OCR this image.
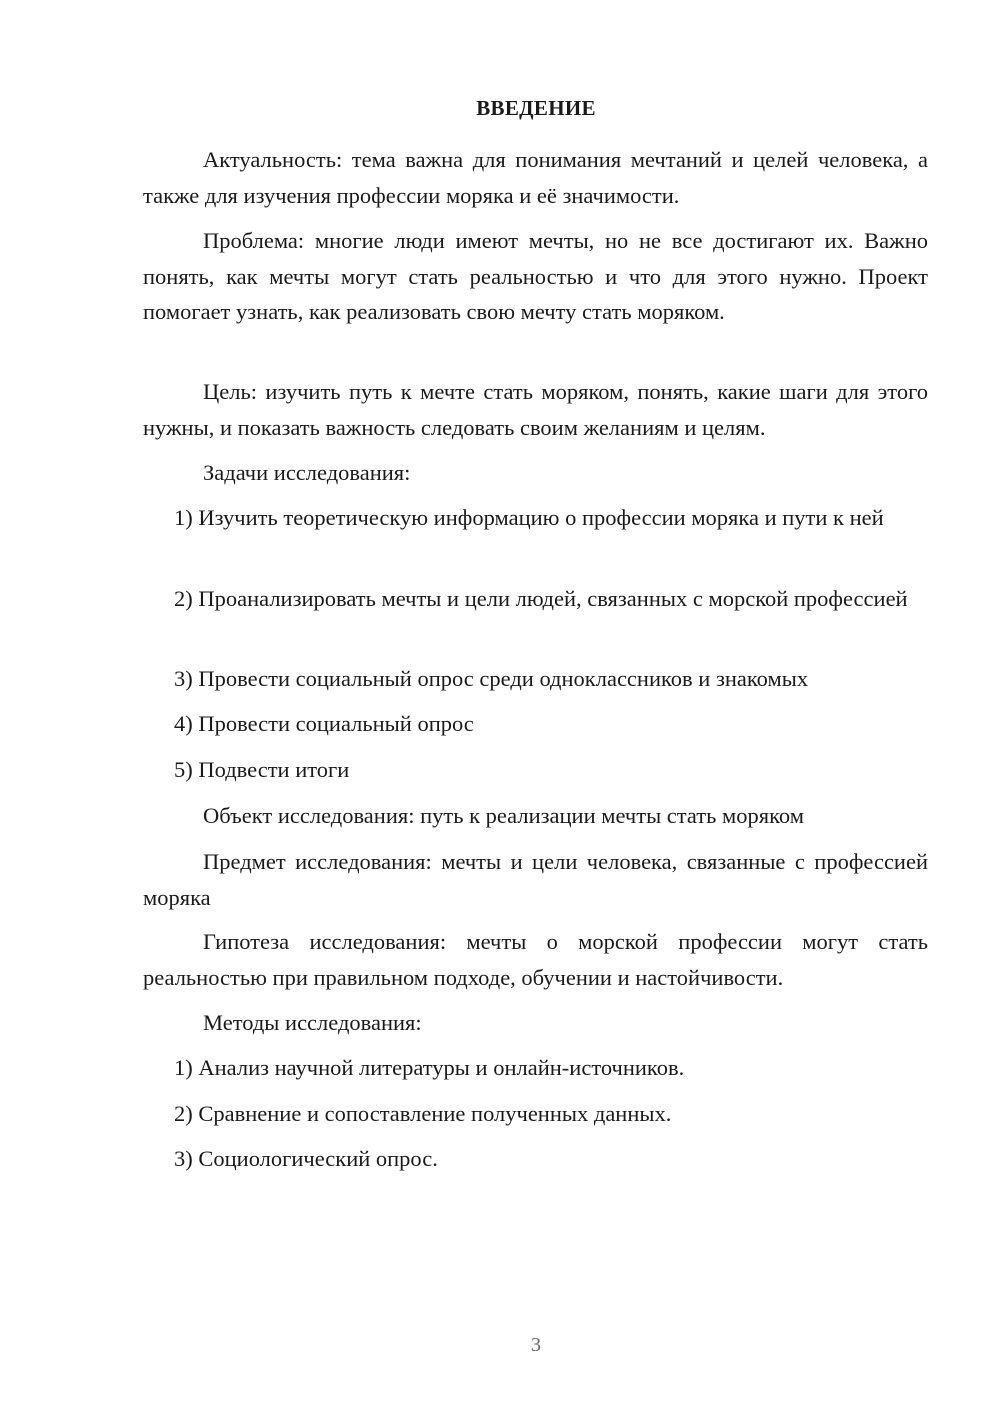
ВВЕДЕНИЕ
Актуальность: тема важна для понимания мечтаний и целей человека, а также для изучения профессии моряка и её значимости.
Проблема: многие люди имеют мечты, но не все достигают их. Важно понять, как мечты могут стать реальностью и что для этого нужно. Проект помогает узнать, как реализовать свою мечту стать моряком.
Цель: изучить путь к мечте стать моряком, понять, какие шаги для этого нужны, и показать важность следовать своим желаниям и целям.
Задачи исследования:
1) Изучить теоретическую информацию о профессии моряка и пути к ней
2) Проанализировать мечты и цели людей, связанных с морской профессией
3) Провести социальный опрос среди одноклассников и знакомых
4) Провести социальный опрос
5) Подвести итоги
Объект исследования: путь к реализации мечты стать моряком
Предмет исследования: мечты и цели человека, связанные с профессией моряка
Гипотеза исследования: мечты о морской профессии могут стать реальностью при правильном подходе, обучении и настойчивости.
Методы исследования:
1) Анализ научной литературы и онлайн-источников.
2) Сравнение и сопоставление полученных данных.
3) Социологический опрос.
3
